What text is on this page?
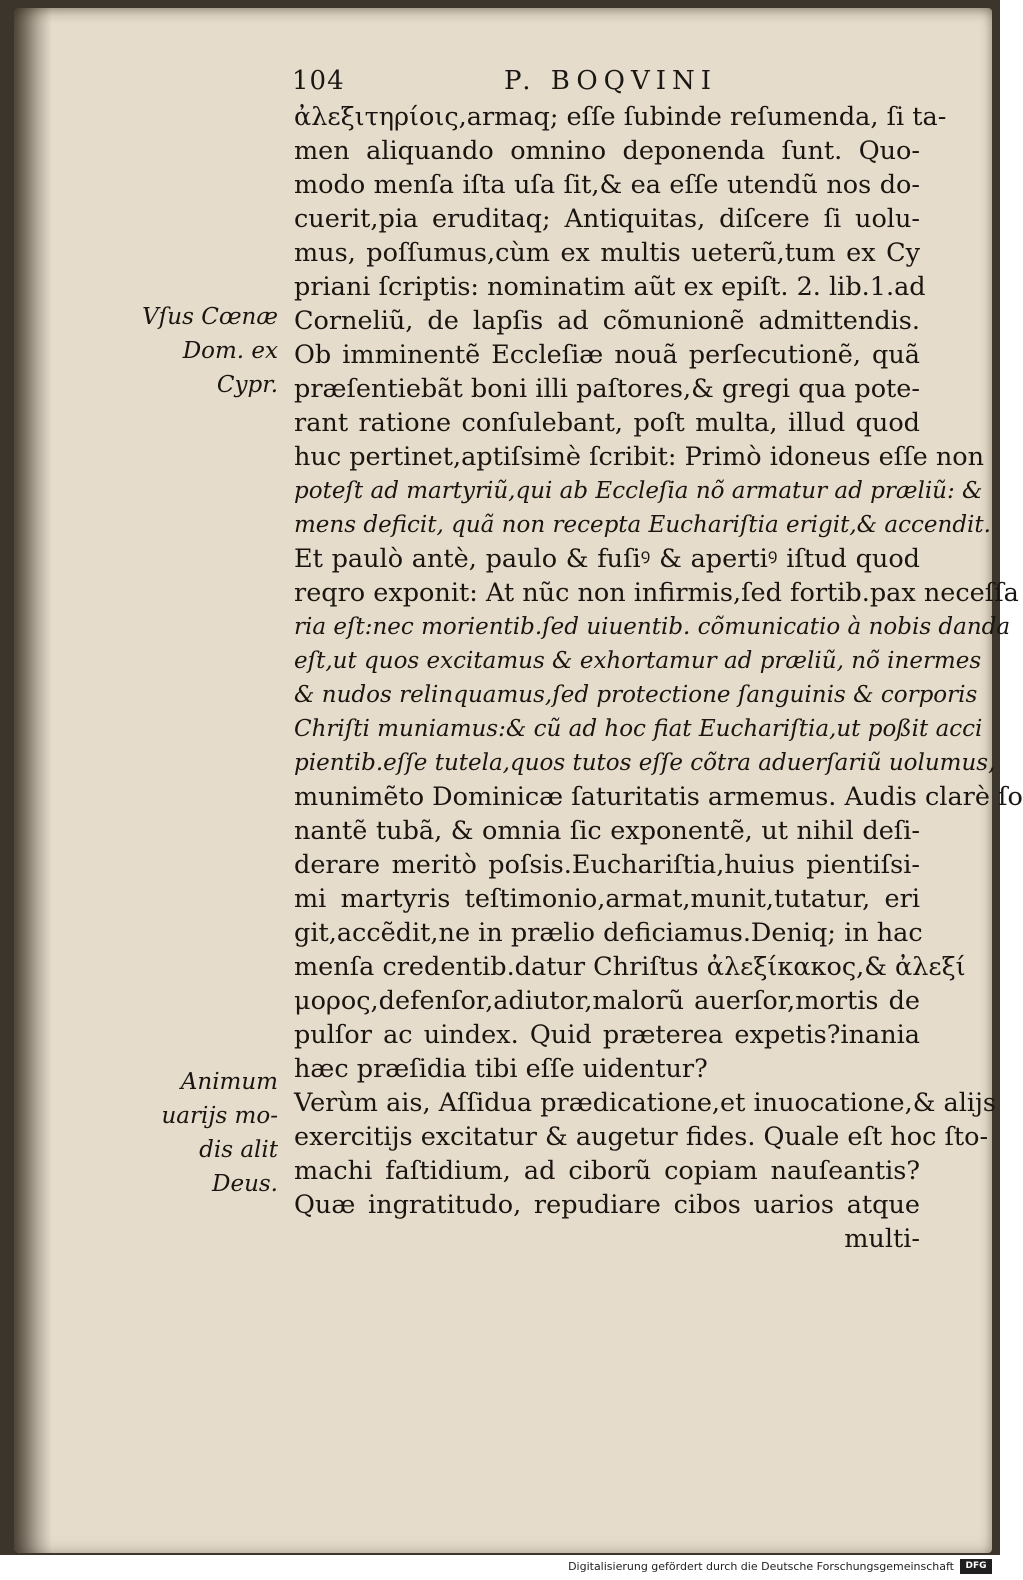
104	P. BOQVINI
ἀλεξιτηρίοις,armaq; eſſe ſubinde reſumenda, ſi ta-
men aliquando omnino deponenda ſunt. Quo-
modo menſa iſta uſa ſit,& ea eſſe utendũ nos do-
cuerit,pia eruditaq; Antiquitas, diſcere ſi uolu-
mus, poſſumus,cùm ex multis ueterũ,tum ex Cy
priani ſcriptis: nominatim aũt ex epiſt. 2. lib.1.ad
Corneliũ, de lapſis ad cõmunionẽ admittendis.
Ob imminentẽ Eccleſiæ nouã perſecutionẽ, quã
præſentiebãt boni illi paſtores,& gregi qua pote-
rant ratione conſulebant, poſt multa, illud quod
huc pertinet,aptiſsimè ſcribit: Primò idoneus eſſe non
poteſt ad martyriũ,qui ab Eccleſia nõ armatur ad præliũ: &
mens deficit, quã non recepta Euchariſtia erigit,& accendit.
Et paulò antè, paulo & fuſiꝰ & apertiꝰ iſtud quod
reqro exponit: At nũc non infirmis,ſed fortib.pax neceſſa
ria eſt:nec morientib.ſed uiuentib. cõmunicatio à nobis danda
eſt,ut quos excitamus & exhortamur ad præliũ, nõ inermes
& nudos relinquamus,ſed protectione ſanguinis & corporis
Chriſti muniamus:& cũ ad hoc fiat Euchariſtia,ut poßit acci
pientib.eſſe tutela,quos tutos eſſe cõtra aduerſariũ uolumus,
munimẽto Dominicæ ſaturitatis armemus. Audis clarè ſo
nantẽ tubã, & omnia ſic exponentẽ, ut nihil deſi-
derare meritò poſsis.Euchariſtia,huius pientiſsi-
mi martyris teſtimonio,armat,munit,tutatur, eri
git,accẽdit,ne in prælio deficiamus.Deniq; in hac
menſa credentib.datur Chriſtus ἀλεξίκακος,& ἀλεξί
μορος,defenſor,adiutor,malorũ auerſor,mortis de
pulſor ac uindex. Quid præterea expetis?inania
hæc præſidia tibi eſſe uidentur?
Verùm ais, Aſſidua prædicatione,et inuocatione,& alijs
exercitijs excitatur & augetur fides. Quale eſt hoc ſto-
machi faſtidium, ad ciborũ copiam nauſeantis?
Quæ ingratitudo, repudiare cibos uarios atque
multi-
Vſus Cœnæ
Dom. ex
Cypr.
Animum
uarijs mo-
dis alit
Deus.
Digitalisierung gefördert durch die Deutsche Forschungsgemeinschaft	DFG
